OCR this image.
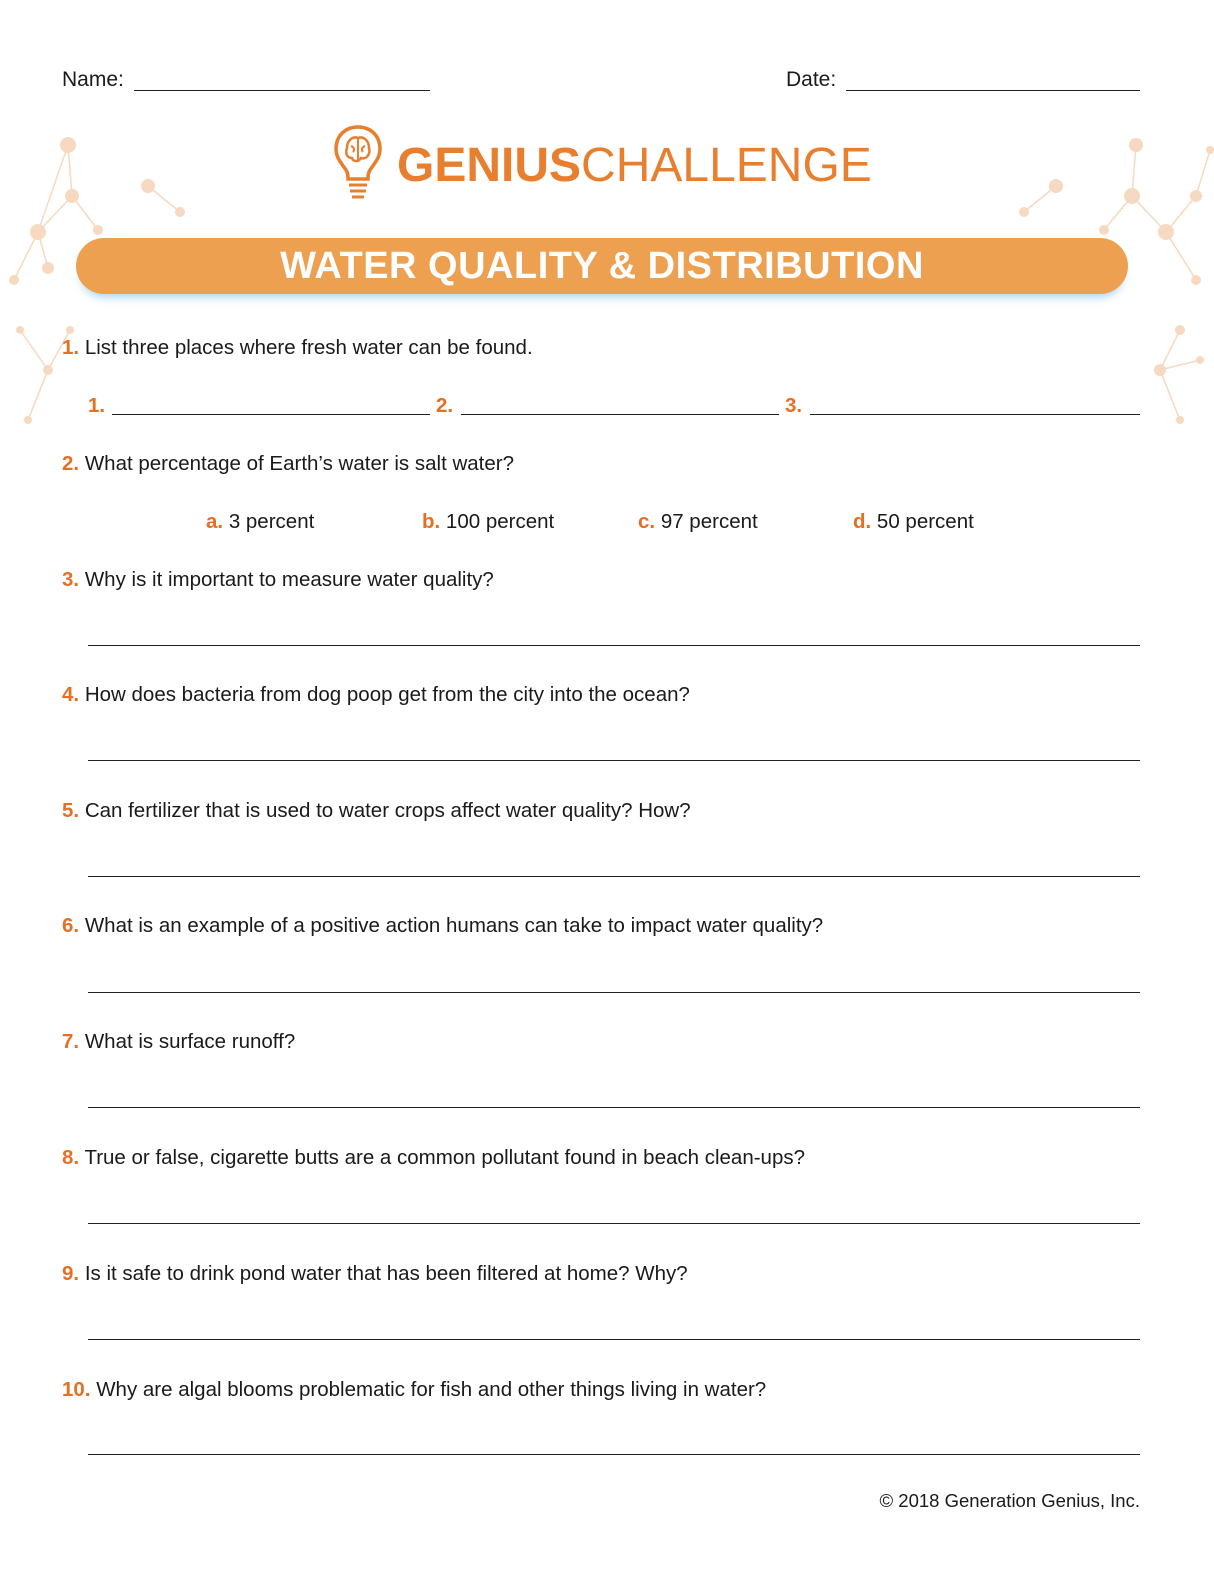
Name:	Date:
GENIUSCHALLENGE
WATER QUALITY & DISTRIBUTION
1. List three places where fresh water can be found.
1.	2.	3.
2. What percentage of Earth’s water is salt water?
a. 3 percent	b. 100 percent	c. 97 percent	d. 50 percent
3. Why is it important to measure water quality?
4. How does bacteria from dog poop get from the city into the ocean?
5. Can fertilizer that is used to water crops affect water quality? How?
6. What is an example of a positive action humans can take to impact water quality?
7. What is surface runoff?
8. True or false, cigarette butts are a common pollutant found in beach clean-ups?
9. Is it safe to drink pond water that has been filtered at home? Why?
10. Why are algal blooms problematic for fish and other things living in water?
© 2018 Generation Genius, Inc.
